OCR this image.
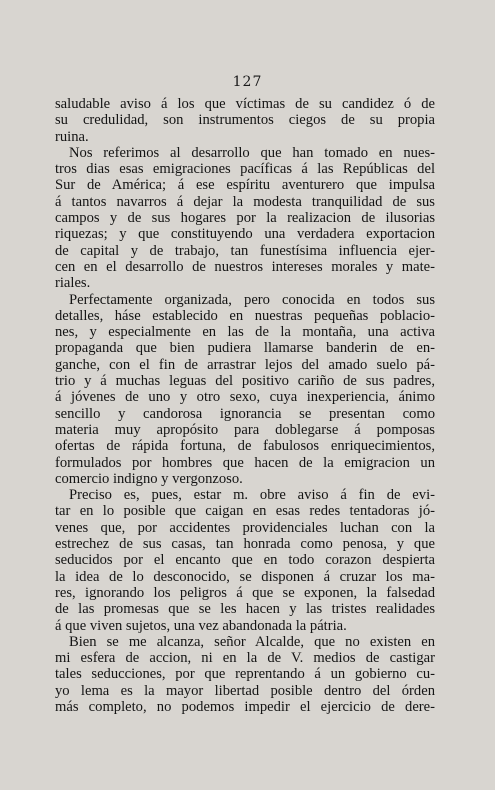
127
saludable aviso á los que víctimas de su candidez ó de
su credulidad, son instrumentos ciegos de su propia
ruina.
Nos referimos al desarrollo que han tomado en nues-
tros dias esas emigraciones pacíficas á las Repúblicas del
Sur de América; á ese espíritu aventurero que impulsa
á tantos navarros á dejar la modesta tranquilidad de sus
campos y de sus hogares por la realizacion de ilusorias
riquezas; y que constituyendo una verdadera exportacion
de capital y de trabajo, tan funestísima influencia ejer-
cen en el desarrollo de nuestros intereses morales y mate-
riales.
Perfectamente organizada, pero conocida en todos sus
detalles, háse establecido en nuestras pequeñas poblacio-
nes, y especialmente en las de la montaña, una activa
propaganda que bien pudiera llamarse banderin de en-
ganche, con el fin de arrastrar lejos del amado suelo pá-
trio y á muchas leguas del positivo cariño de sus padres,
á jóvenes de uno y otro sexo, cuya inexperiencia, ánimo
sencillo y candorosa ignorancia se presentan como
materia muy apropósito para doblegarse á pomposas
ofertas de rápida fortuna, de fabulosos enriquecimientos,
formulados por hombres que hacen de la emigracion un
comercio indigno y vergonzoso.
Preciso es, pues, estar m. obre aviso á fin de evi-
tar en lo posible que caigan en esas redes tentadoras jó-
venes que, por accidentes providenciales luchan con la
estrechez de sus casas, tan honrada como penosa, y que
seducidos por el encanto que en todo corazon despierta
la idea de lo desconocido, se disponen á cruzar los ma-
res, ignorando los peligros á que se exponen, la falsedad
de las promesas que se les hacen y las tristes realidades
á que viven sujetos, una vez abandonada la pátria.
Bien se me alcanza, señor Alcalde, que no existen en
mi esfera de accion, ni en la de V. medios de castigar
tales seducciones, por que reprentando á un gobierno cu-
yo lema es la mayor libertad posible dentro del órden
más completo, no podemos impedir el ejercicio de dere-
